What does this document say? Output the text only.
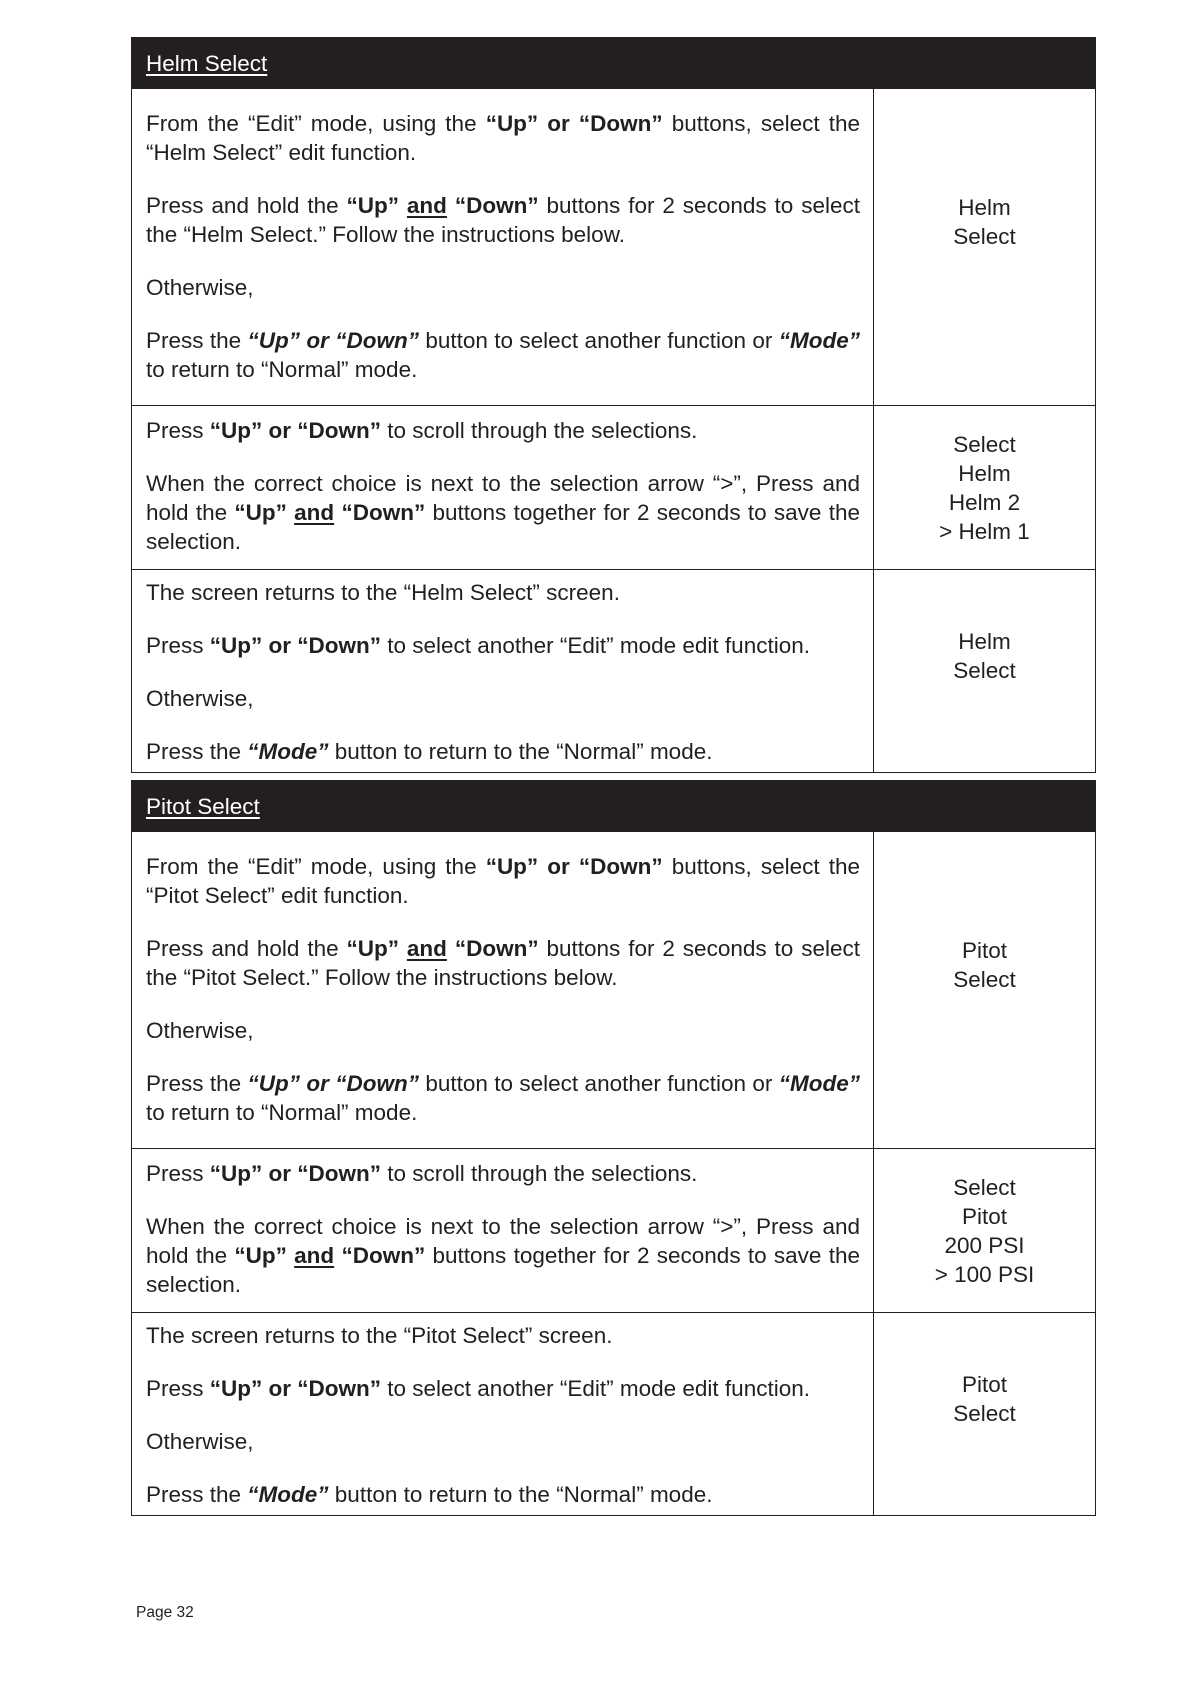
Helm Select

From the “Edit” mode, using the “Up” or “Down” buttons, select the “Helm Select” edit function.

Press and hold the “Up” and “Down” buttons for 2 seconds to select the “Helm Select.” Follow the instructions below.

Otherwise,

Press the “Up” or “Down” button to select another function or “Mode” to return to “Normal” mode.

Helm
Select

Press “Up” or “Down” to scroll through the selections.

When the correct choice is next to the selection arrow “>”, Press and hold the “Up” and “Down” buttons together for 2 seconds to save the selection.

Select
Helm
Helm 2
> Helm 1

The screen returns to the “Helm Select” screen.

Press “Up” or “Down” to select another “Edit” mode edit function.

Otherwise,

Press the “Mode” button to return to the “Normal” mode.

Helm
Select
Pitot Select

From the “Edit” mode, using the “Up” or “Down” buttons, select the “Pitot Select” edit function.

Press and hold the “Up” and “Down” buttons for 2 seconds to select the “Pitot Select.” Follow the instructions below.

Otherwise,

Press the “Up” or “Down” button to select another function or “Mode” to return to “Normal” mode.

Pitot
Select

Press “Up” or “Down” to scroll through the selections.

When the correct choice is next to the selection arrow “>”, Press and hold the “Up” and “Down” buttons together for 2 seconds to save the selection.

Select
Pitot
200 PSI
> 100 PSI

The screen returns to the “Pitot Select” screen.

Press “Up” or “Down” to select another “Edit” mode edit function.

Otherwise,

Press the “Mode” button to return to the “Normal” mode.

Pitot
Select
Page 32
